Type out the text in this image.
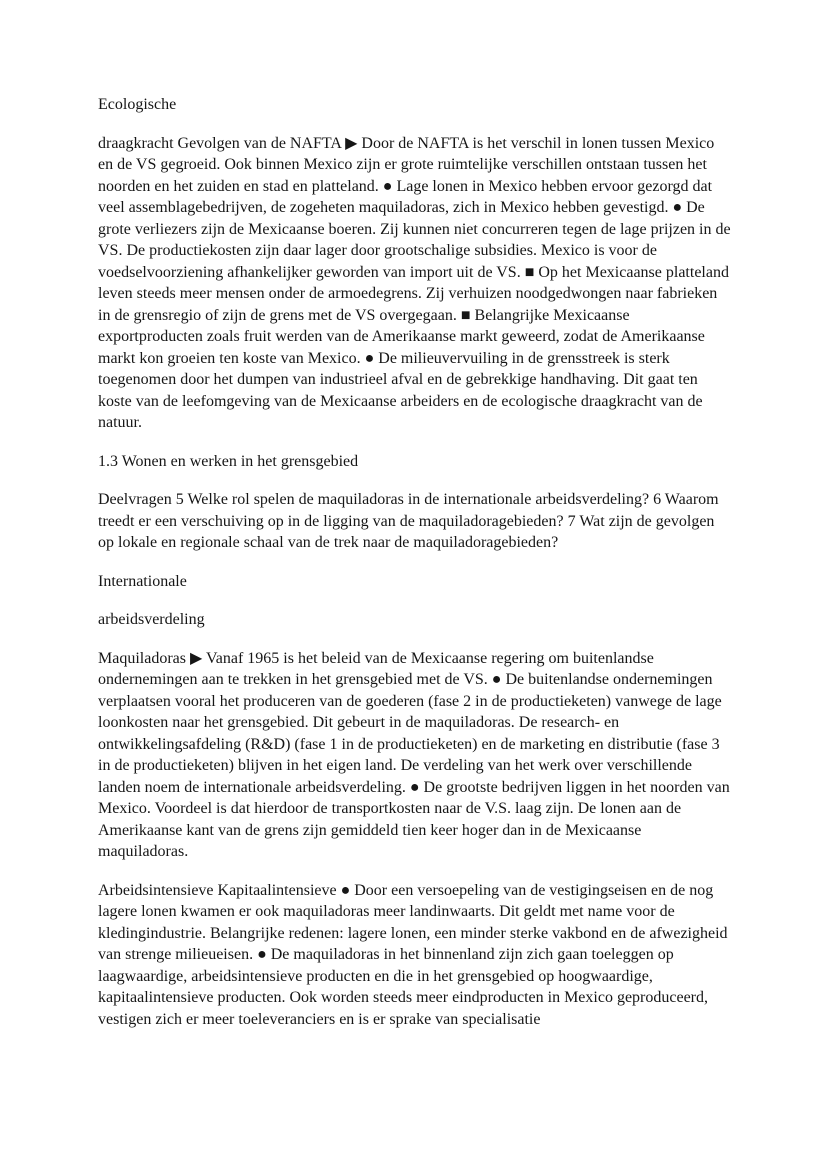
Ecologische

draagkracht Gevolgen van de NAFTA ▶ Door de NAFTA is het verschil in lonen tussen Mexico en de VS gegroeid. Ook binnen Mexico zijn er grote ruimtelijke verschillen ontstaan tussen het noorden en het zuiden en stad en platteland. ● Lage lonen in Mexico hebben ervoor gezorgd dat veel assemblagebedrijven, de zogeheten maquiladoras, zich in Mexico hebben gevestigd. ● De grote verliezers zijn de Mexicaanse boeren. Zij kunnen niet concurreren tegen de lage prijzen in de VS. De productiekosten zijn daar lager door grootschalige subsidies. Mexico is voor de voedselvoorziening afhankelijker geworden van import uit de VS. ■ Op het Mexicaanse platteland leven steeds meer mensen onder de armoedegrens. Zij verhuizen noodgedwongen naar fabrieken in de grensregio of zijn de grens met de VS overgegaan. ■ Belangrijke Mexicaanse exportproducten zoals fruit werden van de Amerikaanse markt geweerd, zodat de Amerikaanse markt kon groeien ten koste van Mexico. ● De milieuvervuiling in de grensstreek is sterk toegenomen door het dumpen van industrieel afval en de gebrekkige handhaving. Dit gaat ten koste van de leefomgeving van de Mexicaanse arbeiders en de ecologische draagkracht van de natuur.

1.3 Wonen en werken in het grensgebied

Deelvragen 5 Welke rol spelen de maquiladoras in de internationale arbeidsverdeling? 6 Waarom treedt er een verschuiving op in de ligging van de maquiladoragebieden? 7 Wat zijn de gevolgen op lokale en regionale schaal van de trek naar de maquiladoragebieden?

Internationale

arbeidsverdeling

Maquiladoras ▶ Vanaf 1965 is het beleid van de Mexicaanse regering om buitenlandse ondernemingen aan te trekken in het grensgebied met de VS. ● De buitenlandse ondernemingen verplaatsen vooral het produceren van de goederen (fase 2 in de productieketen) vanwege de lage loonkosten naar het grensgebied. Dit gebeurt in de maquiladoras. De research- en ontwikkelingsafdeling (R&D) (fase 1 in de productieketen) en de marketing en distributie (fase 3 in de productieketen) blijven in het eigen land. De verdeling van het werk over verschillende landen noem de internationale arbeidsverdeling. ● De grootste bedrijven liggen in het noorden van Mexico. Voordeel is dat hierdoor de transportkosten naar de V.S. laag zijn. De lonen aan de Amerikaanse kant van de grens zijn gemiddeld tien keer hoger dan in de Mexicaanse maquiladoras.

Arbeidsintensieve Kapitaalintensieve ● Door een versoepeling van de vestigingseisen en de nog lagere lonen kwamen er ook maquiladoras meer landinwaarts. Dit geldt met name voor de kledingindustrie. Belangrijke redenen: lagere lonen, een minder sterke vakbond en de afwezigheid van strenge milieueisen. ● De maquiladoras in het binnenland zijn zich gaan toeleggen op laagwaardige, arbeidsintensieve producten en die in het grensgebied op hoogwaardige, kapitaalintensieve producten. Ook worden steeds meer eindproducten in Mexico geproduceerd, vestigen zich er meer toeleveranciers en is er sprake van specialisatie
